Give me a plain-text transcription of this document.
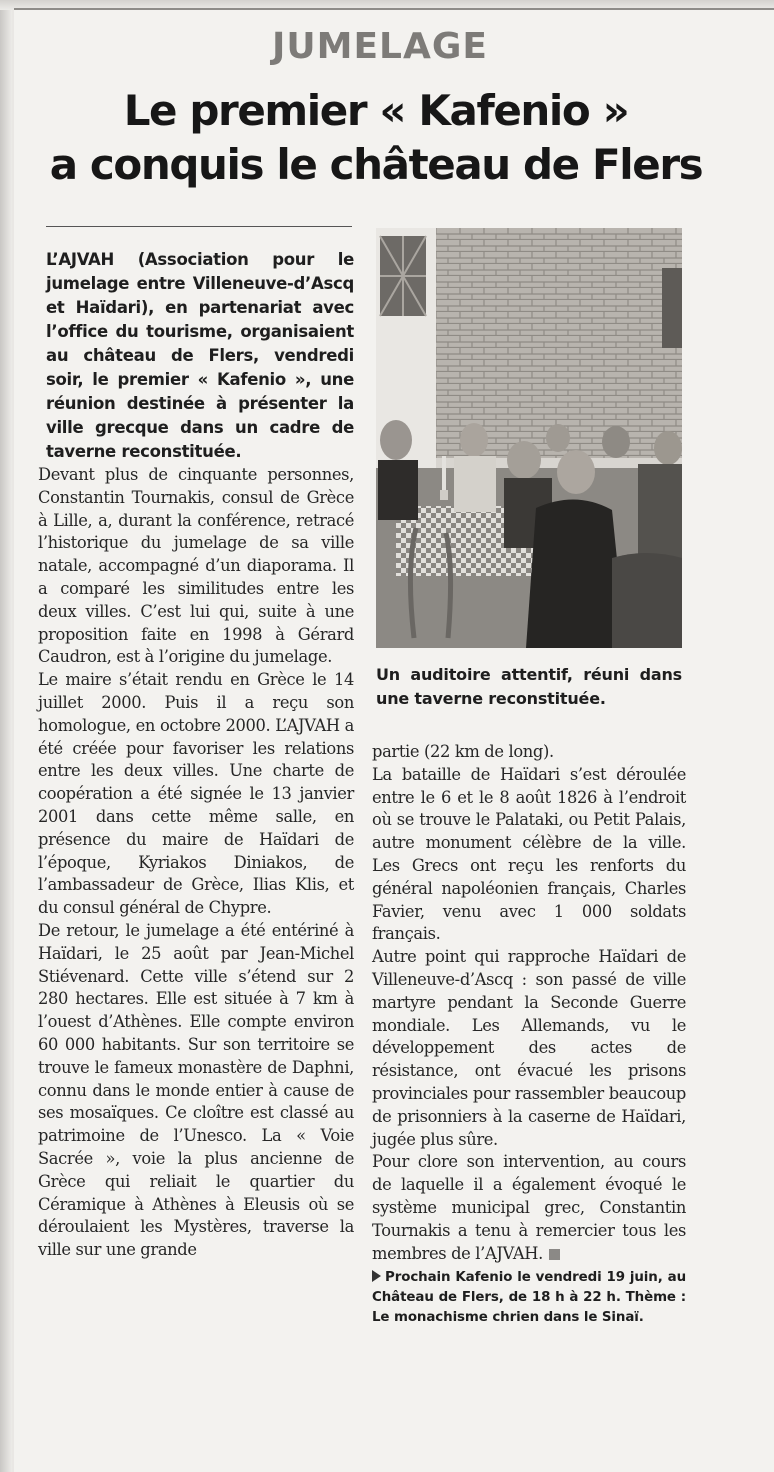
JUMELAGE
Le premier « Kafenio »
a conquis le château de Flers

L’AJVAH (Association pour le jumelage entre Villeneuve-d’Ascq et Haïdari), en partenariat avec l’office du tourisme, organisaient au château de Flers, vendredi soir, le premier « Kafenio », une réunion destinée à présenter la ville grecque dans un cadre de taverne reconstituée.

Devant plus de cinquante personnes, Constantin Tournakis, consul de Grèce à Lille, a, durant la conférence, retracé l’historique du jumelage de sa ville natale, accompagné d’un diaporama. Il a comparé les similitudes entre les deux villes. C’est lui qui, suite à une proposition faite en 1998 à Gérard Caudron, est à l’origine du jumelage.

Le maire s’était rendu en Grèce le 14 juillet 2000. Puis il a reçu son homologue, en octobre 2000. L’AJVAH a été créée pour favoriser les relations entre les deux villes. Une charte de coopération a été signée le 13 janvier 2001 dans cette même salle, en présence du maire de Haïdari de l’époque, Kyriakos Diniakos, de l’ambassadeur de Grèce, Ilias Klis, et du consul général de Chypre.

De retour, le jumelage a été entériné à Haïdari, le 25 août par Jean-Michel Stiévenard. Cette ville s’étend sur 2 280 hectares. Elle est située à 7 km à l’ouest d’Athènes. Elle compte environ 60 000 habitants. Sur son territoire se trouve le fameux monastère de Daphni, connu dans le monde entier à cause de ses mosaïques. Ce cloître est classé au patrimoine de l’Unesco. La « Voie Sacrée », voie la plus ancienne de Grèce qui reliait le quartier du Céramique à Athènes à Eleusis où se déroulaient les Mystères, traverse la ville sur une grande

Un auditoire attentif, réuni dans une taverne reconstituée.

partie (22 km de long).

La bataille de Haïdari s’est déroulée entre le 6 et le 8 août 1826 à l’endroit où se trouve le Palataki, ou Petit Palais, autre monument célèbre de la ville. Les Grecs ont reçu les renforts du général napoléonien français, Charles Favier, venu avec 1 000 soldats français.

Autre point qui rapproche Haïdari de Villeneuve-d’Ascq : son passé de ville martyre pendant la Seconde Guerre mondiale. Les Allemands, vu le développement des actes de résistance, ont évacué les prisons provinciales pour rassembler beaucoup de prisonniers à la caserne de Haïdari, jugée plus sûre.

Pour clore son intervention, au cours de laquelle il a également évoqué le système municipal grec, Constantin Tournakis a tenu à remercier tous les membres de l’AJVAH.

Prochain Kafenio le vendredi 19 juin, au Château de Flers, de 18 h à 22 h. Thème : Le monachisme chrien dans le Sinaï.
